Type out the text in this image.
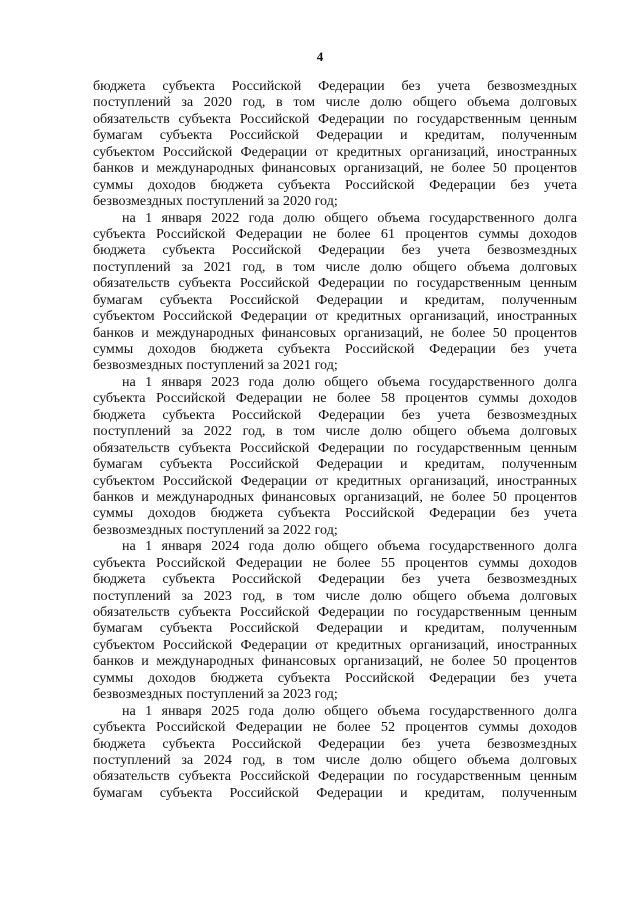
4
бюджета субъекта Российской Федерации без учета безвозмездных
поступлений за 2020 год, в том числе долю общего объема долговых
обязательств субъекта Российской Федерации по государственным ценным
бумагам субъекта Российской Федерации и кредитам, полученным
субъектом Российской Федерации от кредитных организаций, иностранных
банков и международных финансовых организаций, не более 50 процентов
суммы доходов бюджета субъекта Российской Федерации без учета
безвозмездных поступлений за 2020 год;
на 1 января 2022 года долю общего объема государственного долга
субъекта Российской Федерации не более 61 процентов суммы доходов
бюджета субъекта Российской Федерации без учета безвозмездных
поступлений за 2021 год, в том числе долю общего объема долговых
обязательств субъекта Российской Федерации по государственным ценным
бумагам субъекта Российской Федерации и кредитам, полученным
субъектом Российской Федерации от кредитных организаций, иностранных
банков и международных финансовых организаций, не более 50 процентов
суммы доходов бюджета субъекта Российской Федерации без учета
безвозмездных поступлений за 2021 год;
на 1 января 2023 года долю общего объема государственного долга
субъекта Российской Федерации не более 58 процентов суммы доходов
бюджета субъекта Российской Федерации без учета безвозмездных
поступлений за 2022 год, в том числе долю общего объема долговых
обязательств субъекта Российской Федерации по государственным ценным
бумагам субъекта Российской Федерации и кредитам, полученным
субъектом Российской Федерации от кредитных организаций, иностранных
банков и международных финансовых организаций, не более 50 процентов
суммы доходов бюджета субъекта Российской Федерации без учета
безвозмездных поступлений за 2022 год;
на 1 января 2024 года долю общего объема государственного долга
субъекта Российской Федерации не более 55 процентов суммы доходов
бюджета субъекта Российской Федерации без учета безвозмездных
поступлений за 2023 год, в том числе долю общего объема долговых
обязательств субъекта Российской Федерации по государственным ценным
бумагам субъекта Российской Федерации и кредитам, полученным
субъектом Российской Федерации от кредитных организаций, иностранных
банков и международных финансовых организаций, не более 50 процентов
суммы доходов бюджета субъекта Российской Федерации без учета
безвозмездных поступлений за 2023 год;
на 1 января 2025 года долю общего объема государственного долга
субъекта Российской Федерации не более 52 процентов суммы доходов
бюджета субъекта Российской Федерации без учета безвозмездных
поступлений за 2024 год, в том числе долю общего объема долговых
обязательств субъекта Российской Федерации по государственным ценным
бумагам субъекта Российской Федерации и кредитам, полученным
